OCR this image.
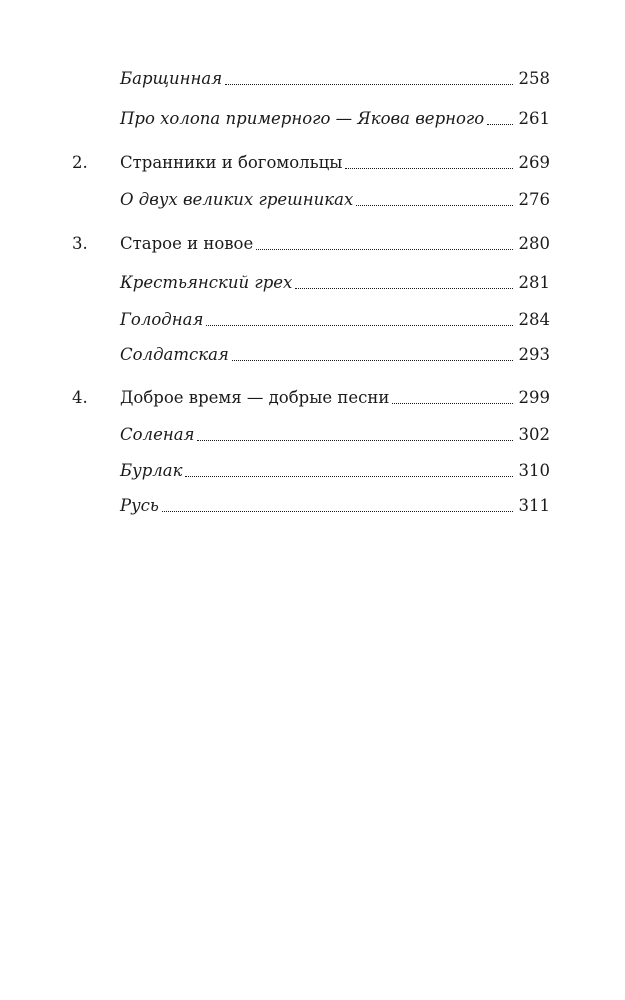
Барщинная	258
Про холопа примерного — Якова верного 261
2. Странники и богомольцы	269
О двух великих грешниках	276
3. Старое и новое	280
Крестьянский грех	281
Голодная	284
Солдатская	293
4. Доброе время — добрые песни	299
Соленая	302
Бурлак	310
Русь	311
